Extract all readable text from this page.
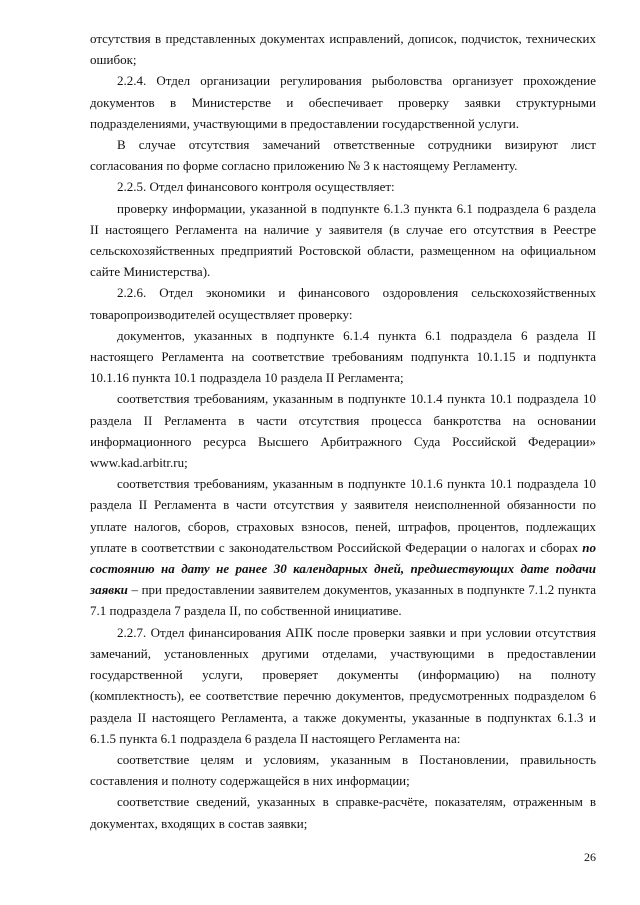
отсутствия в представленных документах исправлений, дописок, подчисток, технических ошибок;

2.2.4. Отдел организации регулирования рыболовства организует прохождение документов в Министерстве и обеспечивает проверку заявки структурными подразделениями, участвующими в предоставлении государственной услуги.

В случае отсутствия замечаний ответственные сотрудники визируют лист согласования по форме согласно приложению № 3 к настоящему Регламенту.

2.2.5. Отдел финансового контроля осуществляет:

проверку информации, указанной в подпункте 6.1.3 пункта 6.1 подраздела 6 раздела II настоящего Регламента на наличие у заявителя (в случае его отсутствия в Реестре сельскохозяйственных предприятий Ростовской области, размещенном на официальном сайте Министерства).

2.2.6. Отдел экономики и финансового оздоровления сельскохозяйственных товаропроизводителей осуществляет проверку:

документов, указанных в подпункте 6.1.4 пункта 6.1 подраздела 6 раздела II настоящего Регламента на соответствие требованиям подпункта 10.1.15 и подпункта 10.1.16 пункта 10.1 подраздела 10 раздела II Регламента;

соответствия требованиям, указанным в подпункте 10.1.4 пункта 10.1 подраздела 10 раздела II Регламента в части отсутствия процесса банкротства на основании информационного ресурса Высшего Арбитражного Суда Российской Федерации» www.kad.arbitr.ru;

соответствия требованиям, указанным в подпункте 10.1.6 пункта 10.1 подраздела 10 раздела II Регламента в части отсутствия у заявителя неисполненной обязанности по уплате налогов, сборов, страховых взносов, пеней, штрафов, процентов, подлежащих уплате в соответствии с законодательством Российской Федерации о налогах и сборах по состоянию на дату не ранее 30 календарных дней, предшествующих дате подачи заявки – при предоставлении заявителем документов, указанных в подпункте 7.1.2 пункта 7.1 подраздела 7 раздела II, по собственной инициативе.

2.2.7. Отдел финансирования АПК после проверки заявки и при условии отсутствия замечаний, установленных другими отделами, участвующими в предоставлении государственной услуги, проверяет документы (информацию) на полноту (комплектность), ее соответствие перечню документов, предусмотренных подразделом 6 раздела II настоящего Регламента, а также документы, указанные в подпунктах 6.1.3 и 6.1.5 пункта 6.1 подраздела 6 раздела II настоящего Регламента на:

соответствие целям и условиям, указанным в Постановлении, правильность составления и полноту содержащейся в них информации;

соответствие сведений, указанных в справке-расчёте, показателям, отраженным в документах, входящих в состав заявки;

26
